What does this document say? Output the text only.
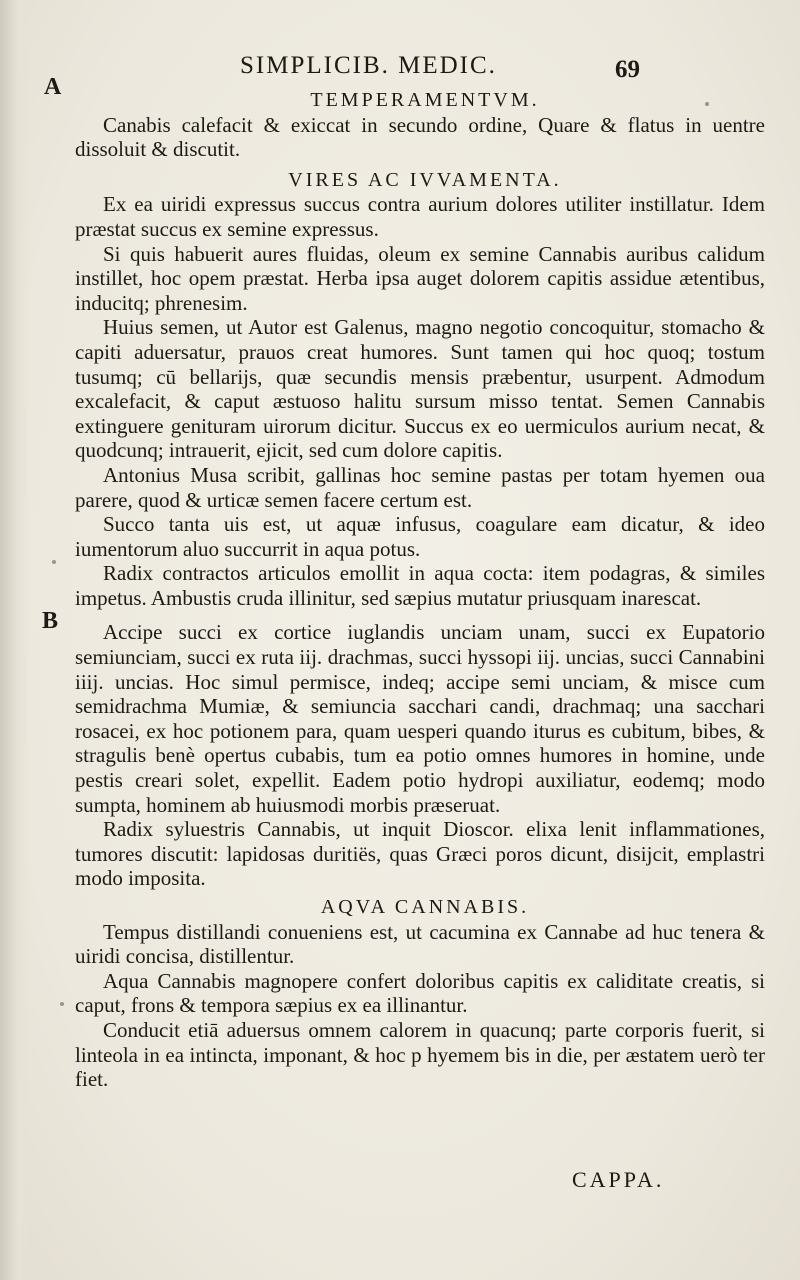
SIMPLICIB. MEDIC.	69
A
B
TEMPERAMENTVM.

Canabis calefacit & exiccat in secundo ordine, Quare & flatus in uentre dissoluit & discutit.

VIRES AC IVVAMENTA.

Ex ea uiridi expressus succus contra aurium dolores utiliter instillatur. Idem præstat succus ex semine expressus.

Si quis habuerit aures fluidas, oleum ex semine Cannabis auribus calidum instillet, hoc opem præstat. Herba ipsa auget dolorem capitis assidue ætentibus, inducitq; phrenesim.

Huius semen, ut Autor est Galenus, magno negotio concoquitur, stomacho & capiti aduersatur, prauos creat humores. Sunt tamen qui hoc quoq; tostum tusumq; cū bellarijs, quæ secundis mensis præbentur, usurpent. Admodum excalefacit, & caput æstuoso halitu sursum misso tentat. Semen Cannabis extinguere genituram uirorum dicitur. Succus ex eo uermiculos aurium necat, & quodcunq; intrauerit, ejicit, sed cum dolore capitis.

Antonius Musa scribit, gallinas hoc semine pastas per totam hyemen oua parere, quod & urticæ semen facere certum est.

Succo tanta uis est, ut aquæ infusus, coagulare eam dicatur, & ideo iumentorum aluo succurrit in aqua potus.

Radix contractos articulos emollit in aqua cocta: item podagras, & similes impetus. Ambustis cruda illinitur, sed sæpius mutatur priusquam inarescat.

Accipe succi ex cortice iuglandis unciam unam, succi ex Eupatorio semiunciam, succi ex ruta iij. drachmas, succi hyssopi iij. uncias, succi Cannabini iiij. uncias. Hoc simul permisce, indeq; accipe semi unciam, & misce cum semidrachma Mumiæ, & semiuncia sacchari candi, drachmaq; una sacchari rosacei, ex hoc potionem para, quam uesperi quando iturus es cubitum, bibes, & stragulis benè opertus cubabis, tum ea potio omnes humores in homine, unde pestis creari solet, expellit. Eadem potio hydropi auxiliatur, eodemq; modo sumpta, hominem ab huiusmodi morbis præseruat.

Radix syluestris Cannabis, ut inquit Dioscor. elixa lenit inflammationes, tumores discutit: lapidosas duritiës, quas Græci poros dicunt, disijcit, emplastri modo imposita.

AQVA CANNABIS.

Tempus distillandi conueniens est, ut cacumina ex Cannabe ad huc tenera & uiridi concisa, distillentur.

Aqua Cannabis magnopere confert doloribus capitis ex caliditate creatis, si caput, frons & tempora sæpius ex ea illinantur.

Conducit etiā aduersus omnem calorem in quacunq; parte corporis fuerit, si linteola in ea intincta, imponant, & hoc p hyemem bis in die, per æstatem uerò ter fiet.

CAPPA.
